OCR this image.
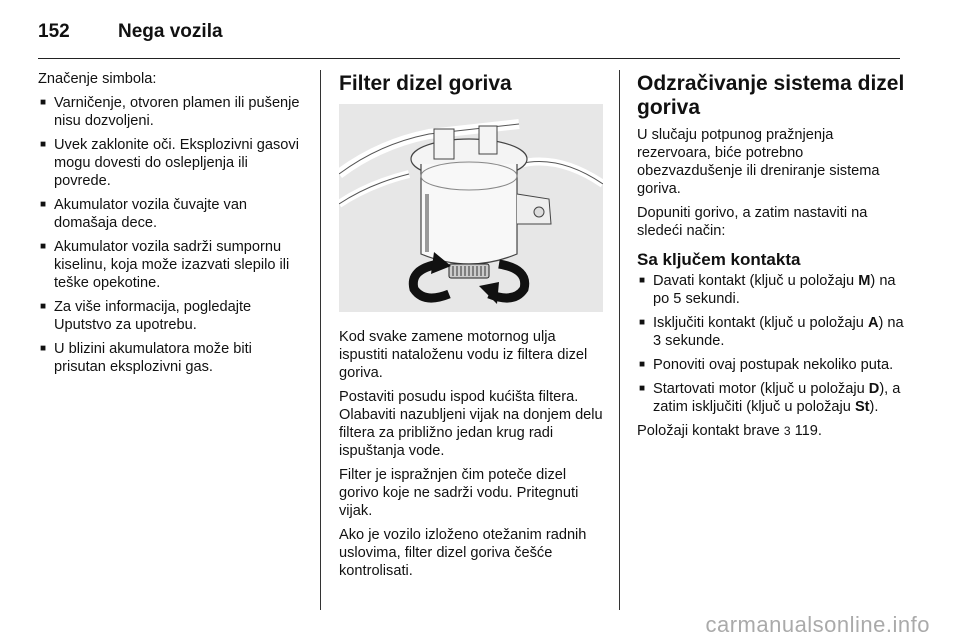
152	Nega vozila

Značenje simbola:

■ Varničenje, otvoren plamen ili pušenje nisu dozvoljeni.
■ Uvek zaklonite oči. Eksplozivni gasovi mogu dovesti do oslepljenja ili povrede.
■ Akumulator vozila čuvajte van domašaja dece.
■ Akumulator vozila sadrži sumpornu kiselinu, koja može izazvati slepilo ili teške opekotine.
■ Za više informacija, pogledajte Uputstvo za upotrebu.
■ U blizini akumulatora može biti prisutan eksplozivni gas.
Filter dizel goriva

Kod svake zamene motornog ulja ispustiti nataloženu vodu iz filtera dizel goriva.

Postaviti posudu ispod kućišta filtera. Olabaviti nazubljeni vijak na donjem delu filtera za približno jedan krug radi ispuštanja vode.

Filter je ispražnjen čim poteče dizel gorivo koje ne sadrži vodu. Pritegnuti vijak.

Ako je vozilo izloženo otežanim radnih uslovima, filter dizel goriva češće kontrolisati.

Odzračivanje sistema dizel goriva

U slučaju potpunog pražnjenja rezervoara, biće potrebno obezvazdušenje ili dreniranje sistema goriva.

Dopuniti gorivo, a zatim nastaviti na sledeći način:

Sa ključem kontakta
■ Davati kontakt (ključ u položaju M) na po 5 sekundi.
■ Isključiti kontakt (ključ u položaju A) na 3 sekunde.
■ Ponoviti ovaj postupak nekoliko puta.
■ Startovati motor (ključ u položaju D), a zatim isključiti (ključ u položaju St).

Položaji kontakt brave 3 119.

carmanualsonline.info
